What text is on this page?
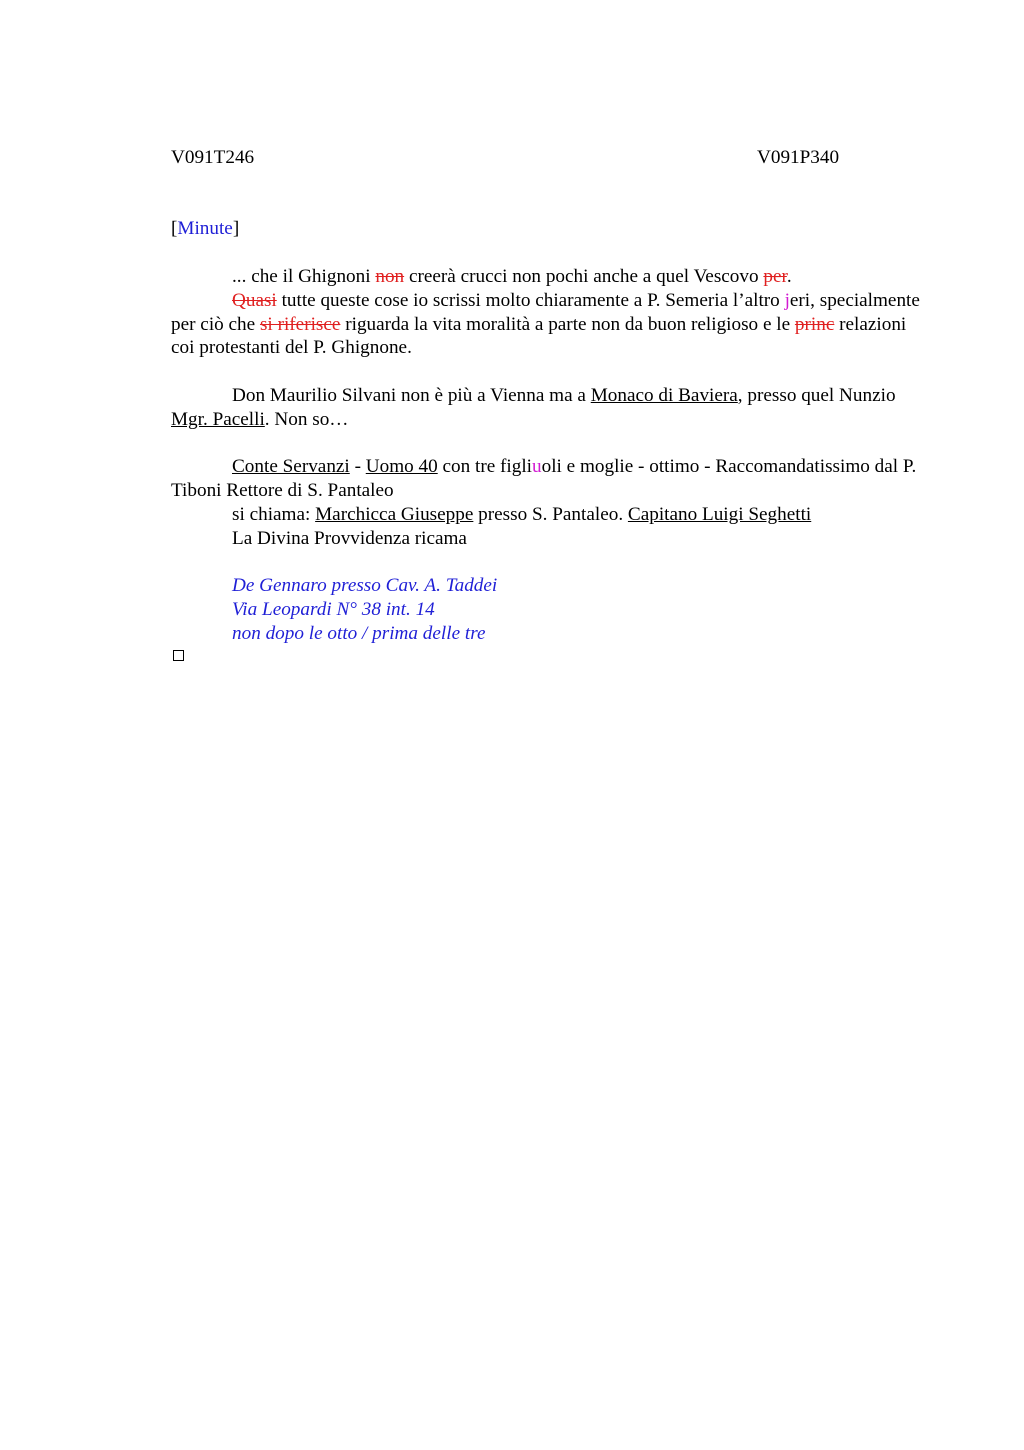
V091T246	V091P340
[Minute]

... che il Ghignoni non creerà crucci non pochi anche a quel Vescovo per.

Quasi tutte queste cose io scrissi molto chiaramente a P. Semeria l’altro jeri, specialmente per ciò che si riferisce riguarda la vita moralità a parte non da buon religioso e le princ relazioni coi protestanti del P. Ghignone.

Don Maurilio Silvani non è più a Vienna ma a Monaco di Baviera, presso quel Nunzio Mgr. Pacelli. Non so…

Conte Servanzi - Uomo 40 con tre figliuoli e moglie - ottimo - Raccomandatissimo dal P. Tiboni Rettore di S. Pantaleo

si chiama: Marchicca Giuseppe presso S. Pantaleo. Capitano Luigi Seghetti

La Divina Provvidenza ricama

De Gennaro presso Cav. A. Taddei

Via Leopardi N° 38 int. 14

non dopo le otto / prima delle tre
